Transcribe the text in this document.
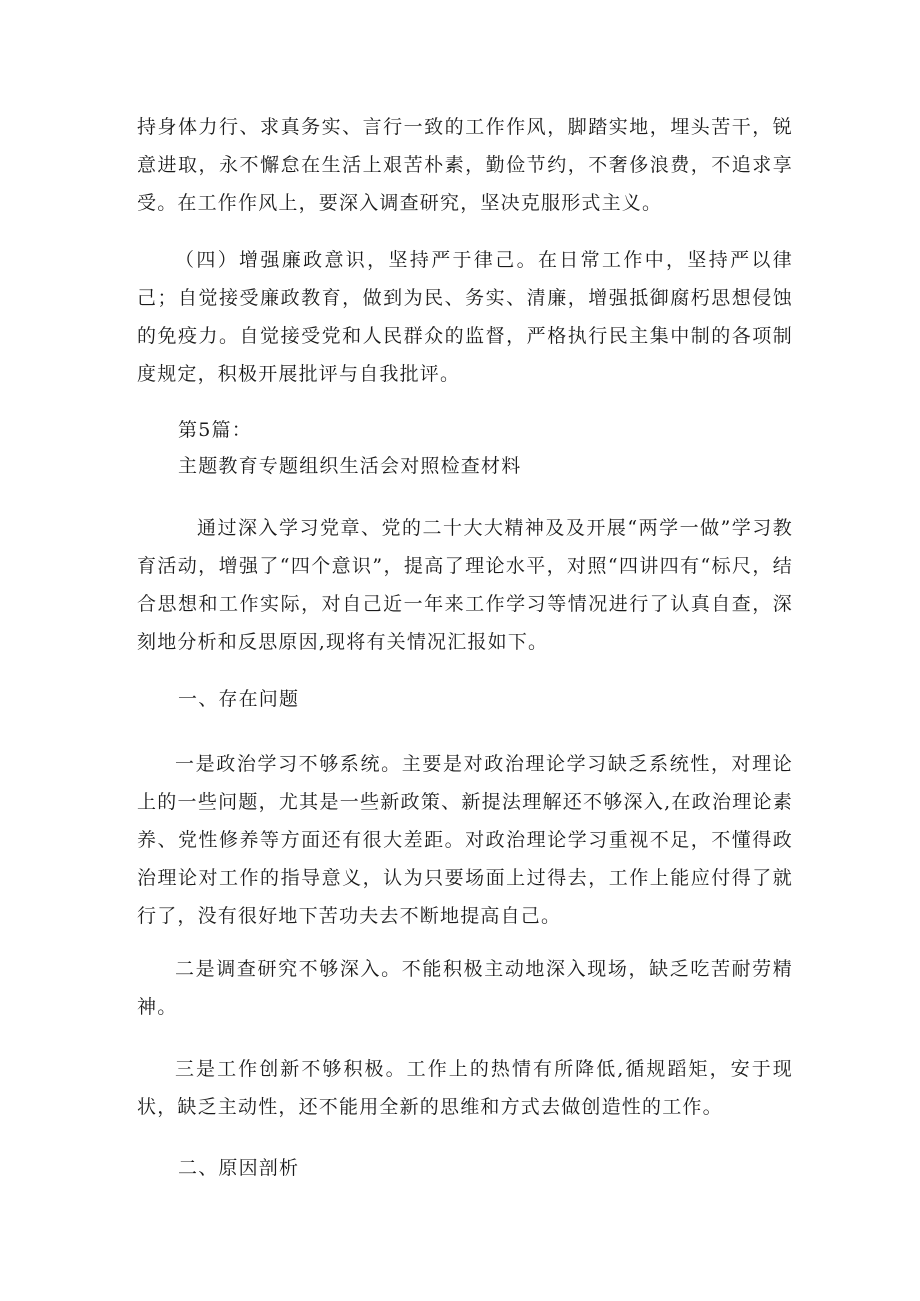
持身体力行、求真务实、言行一致的工作作风，脚踏实地，埋头苦干，锐意进取，永不懈怠在生活上艰苦朴素，勤俭节约，不奢侈浪费，不追求享受。在工作作风上，要深入调查研究，坚决克服形式主义。

（四）增强廉政意识，坚持严于律己。在日常工作中，坚持严以律己；自觉接受廉政教育，做到为民、务实、清廉，增强抵御腐朽思想侵蚀的免疫力。自觉接受党和人民群众的监督，严格执行民主集中制的各项制度规定，积极开展批评与自我批评。

第5篇：

主题教育专题组织生活会对照检查材料

通过深入学习党章、党的二十大大精神及及开展“两学一做”学习教育活动，增强了“四个意识”，提高了理论水平，对照“四讲四有“标尺，结合思想和工作实际，对自己近一年来工作学习等情况进行了认真自查，深刻地分析和反思原因,现将有关情况汇报如下。

一、存在问题

一是政治学习不够系统。主要是对政治理论学习缺乏系统性，对理论上的一些问题，尤其是一些新政策、新提法理解还不够深入,在政治理论素养、党性修养等方面还有很大差距。对政治理论学习重视不足，不懂得政治理论对工作的指导意义，认为只要场面上过得去，工作上能应付得了就行了，没有很好地下苦功夫去不断地提高自己。

二是调查研究不够深入。不能积极主动地深入现场，缺乏吃苦耐劳精神。

三是工作创新不够积极。工作上的热情有所降低,循规蹈矩，安于现状，缺乏主动性，还不能用全新的思维和方式去做创造性的工作。

二、原因剖析
